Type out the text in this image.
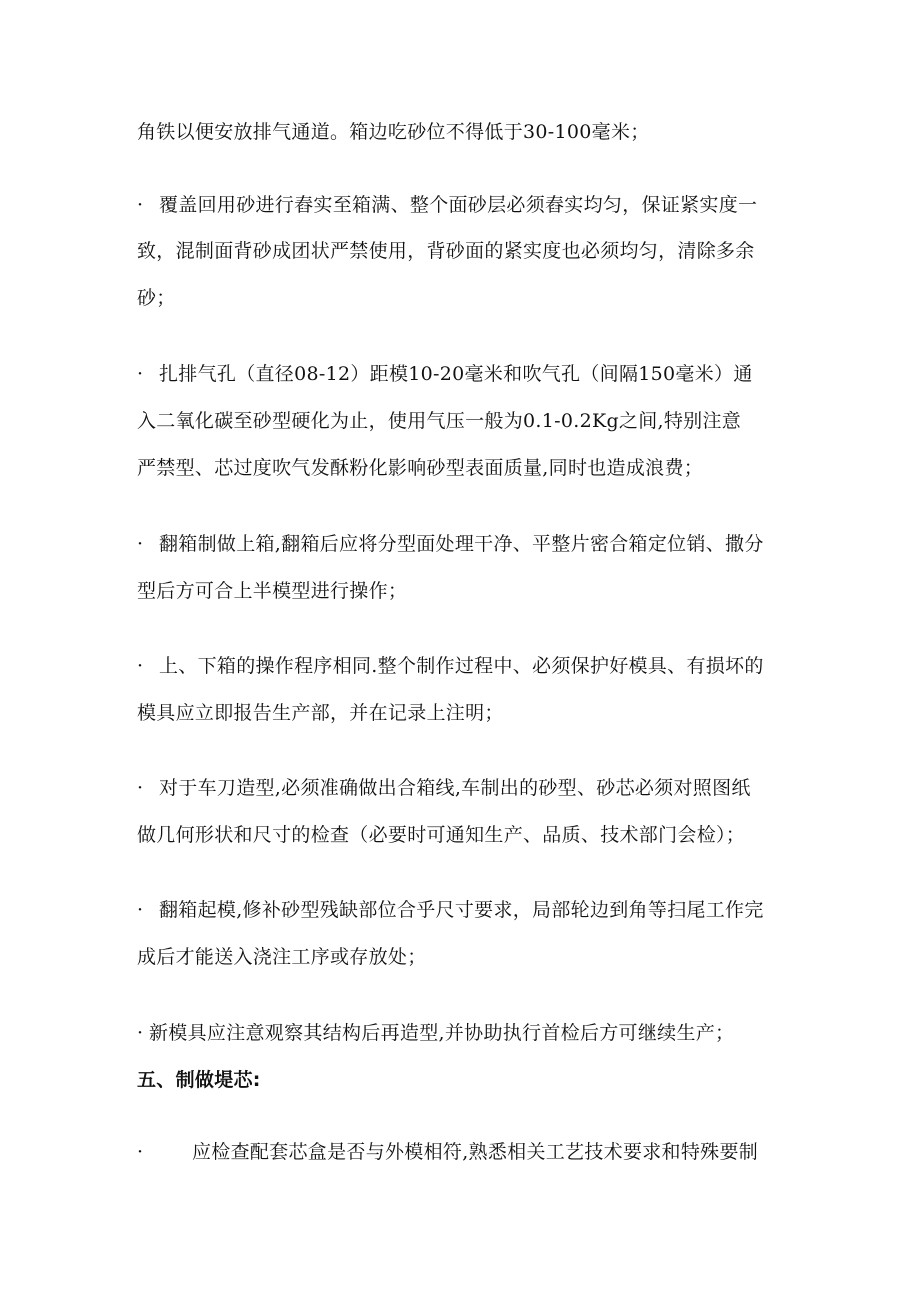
角铁以便安放排气通道。箱边吃砂位不得低于30-100毫米；
· 覆盖回用砂进行舂实至箱满、整个面砂层必须舂实均匀，保证紧实度一
致，混制面背砂成团状严禁使用，背砂面的紧实度也必须均匀，清除多余
砂；
· 扎排气孔（直径08-12）距模10-20毫米和吹气孔（间隔150毫米）通
入二氧化碳至砂型硬化为止，使用气压一般为0.1-0.2Kg之间,特别注意
严禁型、芯过度吹气发酥粉化影响砂型表面质量,同时也造成浪费；
· 翻箱制做上箱,翻箱后应将分型面处理干净、平整片密合箱定位销、撒分
型后方可合上半模型进行操作；
· 上、下箱的操作程序相同.整个制作过程中、必须保护好模具、有损坏的
模具应立即报告生产部，并在记录上注明；
· 对于车刀造型,必须准确做出合箱线,车制出的砂型、砂芯必须对照图纸
做几何形状和尺寸的检查（必要时可通知生产、品质、技术部门会检）；
· 翻箱起模,修补砂型残缺部位合乎尺寸要求，局部轮边到角等扫尾工作完
成后才能送入浇注工序或存放处；
· 新模具应注意观察其结构后再造型,并协助执行首检后方可继续生产；
五、制做堤芯:
·	应检查配套芯盒是否与外模相符,熟悉相关工艺技术要求和特殊要制
